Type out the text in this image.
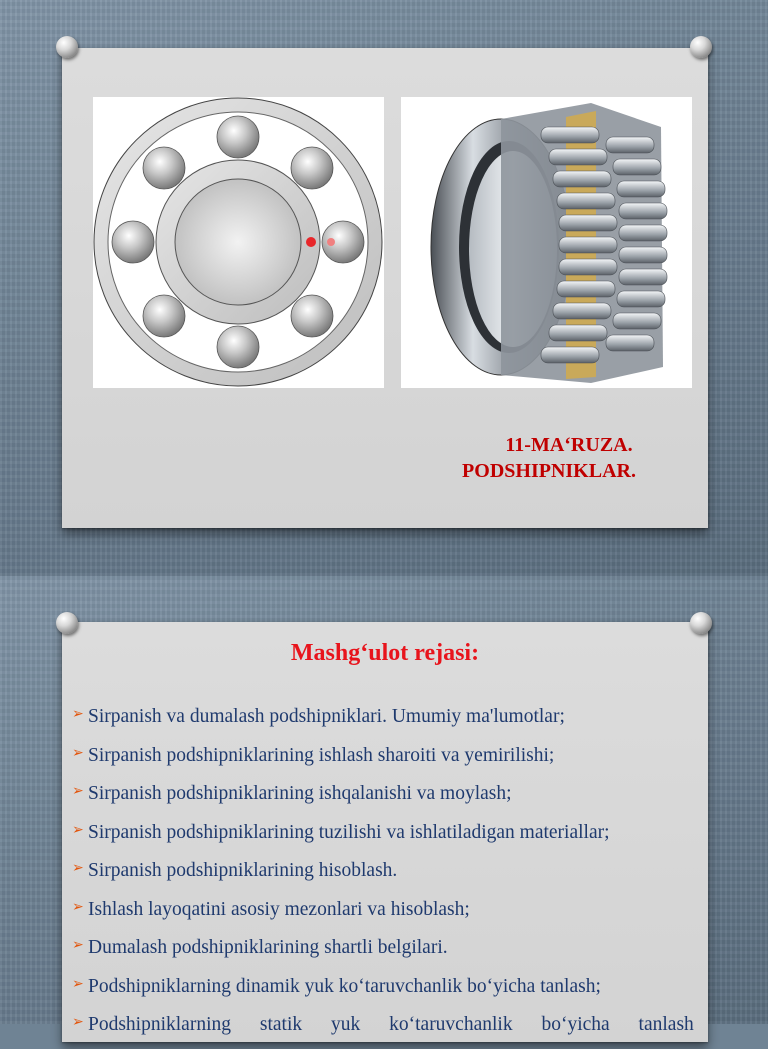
11-MA‘RUZA.
PODSHIPNIKLAR.
Mashg‘ulot rejasi:
➢ Sirpanish va dumalash podshipniklari. Umumiy ma'lumotlar;
➢ Sirpanish podshipniklarining ishlash sharoiti va yemirilishi;
➢ Sirpanish podshipniklarining ishqalanishi va moylash;
➢ Sirpanish podshipniklarining tuzilishi va ishlatiladigan materiallar;
➢ Sirpanish podshipniklarining hisoblash.
➢ Ishlash layoqatini asosiy mezonlari va hisoblash;
➢ Dumalash podshipniklarining shartli belgilari.
➢ Podshipniklarning dinamik yuk ko‘taruvchanlik bo‘yicha tanlash;
➢ Podshipniklarning statik yuk ko‘taruvchanlik bo‘yicha tanlash
